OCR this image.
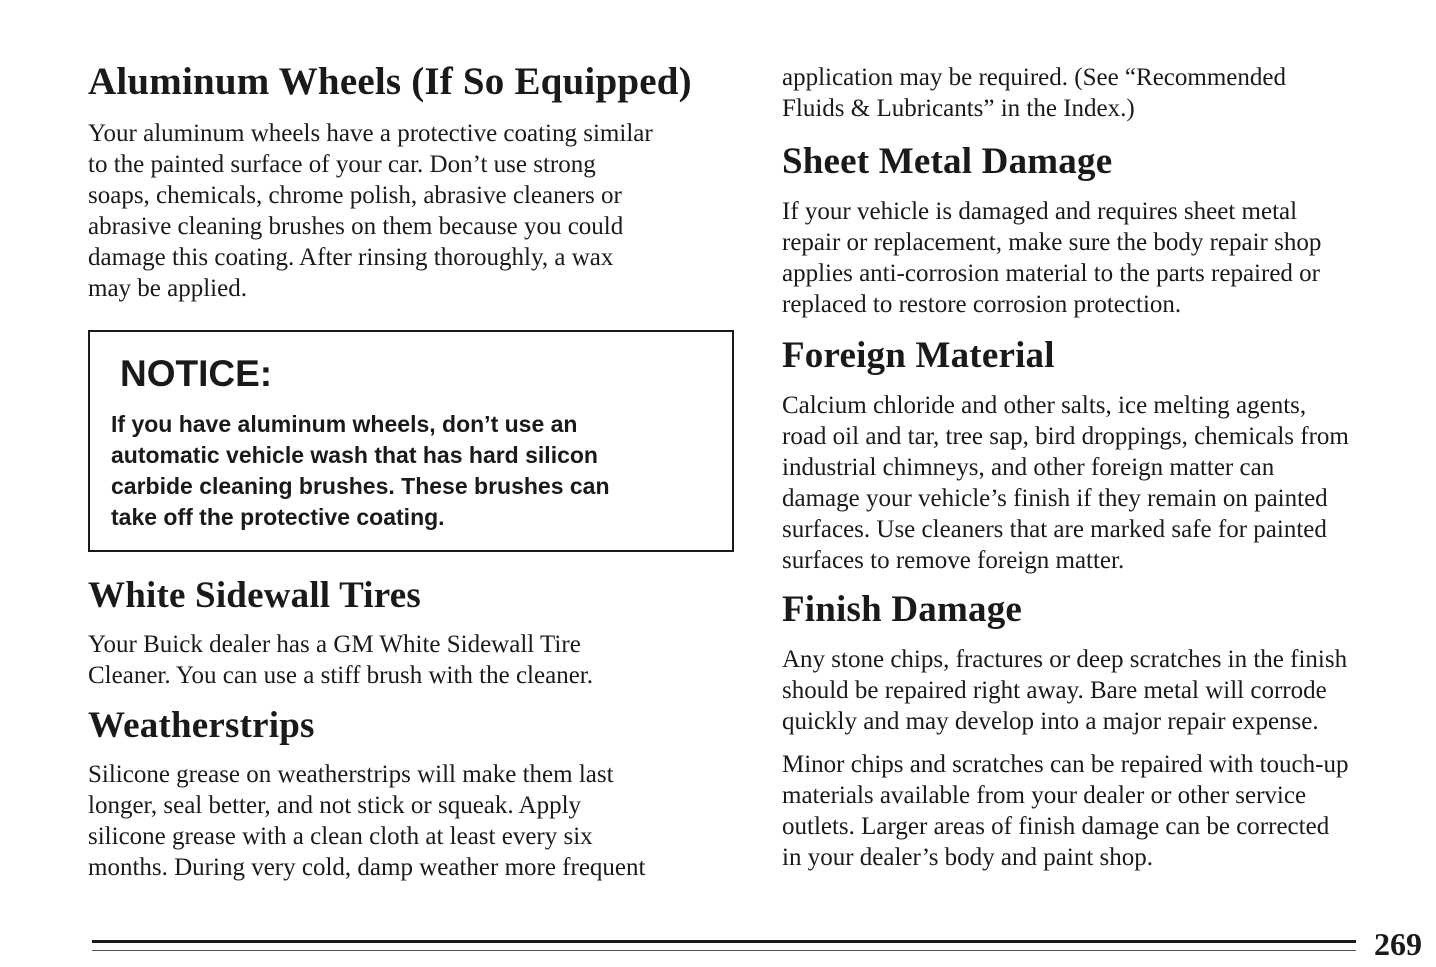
Aluminum Wheels (If So Equipped)

Your aluminum wheels have a protective coating similar
to the painted surface of your car. Don’t use strong
soaps, chemicals, chrome polish, abrasive cleaners or
abrasive cleaning brushes on them because you could
damage this coating. After rinsing thoroughly, a wax
may be applied.

NOTICE:
If you have aluminum wheels, don’t use an
automatic vehicle wash that has hard silicon
carbide cleaning brushes. These brushes can
take off the protective coating.
White Sidewall Tires

Your Buick dealer has a GM White Sidewall Tire
Cleaner. You can use a stiff brush with the cleaner.

Weatherstrips

Silicone grease on weatherstrips will make them last
longer, seal better, and not stick or squeak. Apply
silicone grease with a clean cloth at least every six
months. During very cold, damp weather more frequent

application may be required. (See “Recommended
Fluids & Lubricants” in the Index.)

Sheet Metal Damage

If your vehicle is damaged and requires sheet metal
repair or replacement, make sure the body repair shop
applies anti-corrosion material to the parts repaired or
replaced to restore corrosion protection.

Foreign Material

Calcium chloride and other salts, ice melting agents,
road oil and tar, tree sap, bird droppings, chemicals from
industrial chimneys, and other foreign matter can
damage your vehicle’s finish if they remain on painted
surfaces. Use cleaners that are marked safe for painted
surfaces to remove foreign matter.

Finish Damage

Any stone chips, fractures or deep scratches in the finish
should be repaired right away. Bare metal will corrode
quickly and may develop into a major repair expense.

Minor chips and scratches can be repaired with touch-up
materials available from your dealer or other service
outlets. Larger areas of finish damage can be corrected
in your dealer’s body and paint shop.

269
